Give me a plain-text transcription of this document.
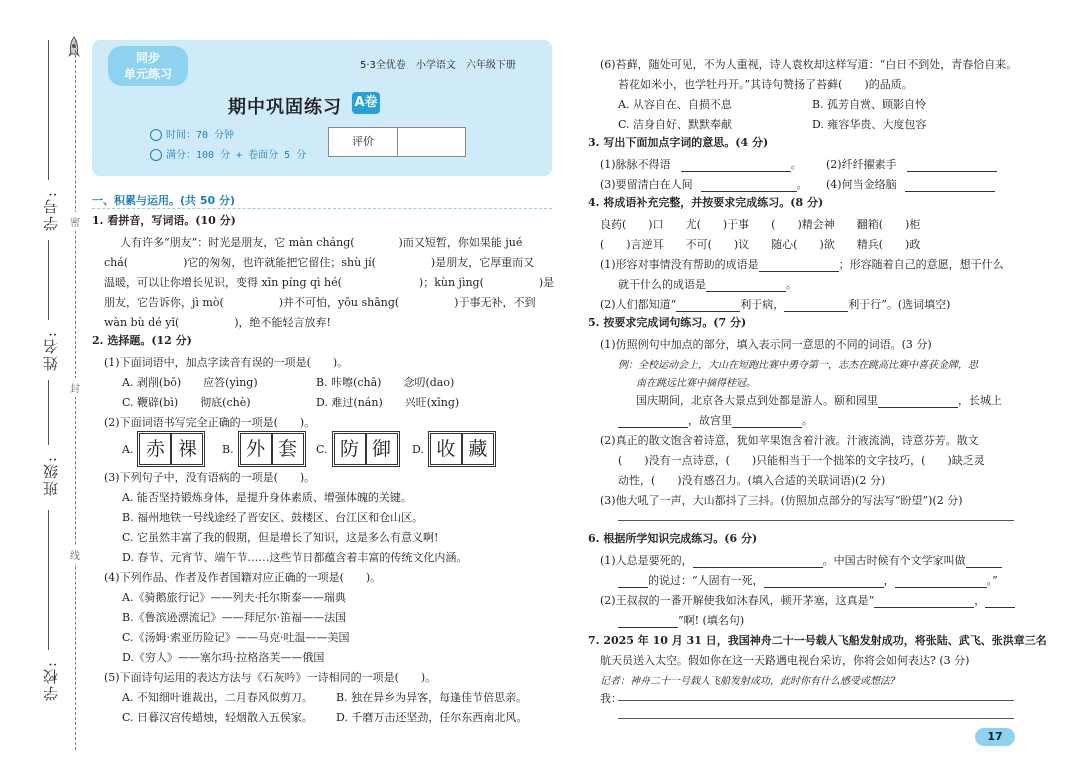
学号:
姓名:
班级:
学校:
密
封
线
同步
单元练习
5·3全优卷　小学语文　六年级下册
期中巩固练习 A卷
时间：70 分钟
满分：100 分 + 卷面分 5 分
评价
一、积累与运用。(共 50 分)
1. 看拼音，写词语。(10 分)
人有许多“朋友”：时光是朋友，它 màn chánɡ(　　　　)而又短暂，你如果能 jué
chá(　　　　　)它的匆匆，也许就能把它留住；shù jí(　　　　　)是朋友，它厚重而又
温暖，可以让你增长见识，变得 xīn pínɡ qì hé(　　　　　　　)；kùn jìnɡ(　　　　　)是
朋友，它告诉你，jì mò(　　　　　)并不可怕，yōu shānɡ(　　　　　)于事无补，不到
wàn bù dé yǐ(　　　　　)，绝不能轻言放弃!
2. 选择题。(12 分)
(1)下面词语中，加点字读音有误的一项是(　　)。
A. 剥削(bō)　　应答(yìnɡ)	B. 咔嚓(chā)　　念叨(dao)
C. 鞭辟(bì)　　彻底(chè)	D. 难过(nán)　　兴旺(xīnɡ)
(2)下面词语书写完全正确的一项是(　　)。
A. 赤 祼	B. 外 套	C. 防 御	D. 收 藏
(3)下列句子中，没有语病的一项是(　　)。
A. 能否坚持锻炼身体，是提升身体素质、增强体魄的关键。
B. 福州地铁一号线途经了晋安区、鼓楼区、台江区和仓山区。
C. 它虽然丰富了我的假期，但是增长了知识，这是多么有意义啊!
D. 春节、元宵节、端午节……这些节日都蕴含着丰富的传统文化内涵。
(4)下列作品、作者及作者国籍对应正确的一项是(　　)。
A.《骑鹅旅行记》——列夫·托尔斯泰——瑞典
B.《鲁滨逊漂流记》——拜尼尔·笛福——法国
C.《汤姆·索亚历险记》——马克·吐温——美国
D.《穷人》——塞尔玛·拉格洛芙——俄国
(5)下面诗句运用的表达方法与《石灰吟》一诗相同的一项是(　　)。
A. 不知细叶谁裁出，二月春风似剪刀。 B. 独在异乡为异客，每逢佳节倍思亲。
C. 日暮汉宫传蜡烛，轻烟散入五侯家。 D. 千磨万击还坚劲，任尔东西南北风。
(6)苔藓，随处可见，不为人重视，诗人袁枚却这样写道：“白日不到处，青春恰自来。
苔花如米小，也学牡丹开。”其诗句赞扬了苔藓(　　)的品质。
A. 从容自在、自损不息	B. 孤芳自赏、顾影自怜
C. 洁身自好、默默奉献	D. 雍容华贵、大度包容
3. 写出下面加点字词的意思。(4 分)
(1)脉脉不得语	。 (2)纤纤擢素手
(3)要留清白在人间	。 (4)何当金络脑
4. 将成语补充完整，并按要求完成练习。(8 分)
良药(　　)口　　尤(　　)于事　　(　　)精会神　　翻箱(　　)柜
(　　)言逆耳　　不可(　　)议　　随心(　　)欲　　精兵(　　)政
(1)形容对事情没有帮助的成语是	；形容随着自己的意愿，想干什么
就干什么的成语是	。
(2)人们都知道“	利于病，	利于行”。(选词填空)
5. 按要求完成词句练习。(7 分)
(1)仿照例句中加点的部分，填入表示同一意思的不同的词语。(3 分)
例：全校运动会上，大山在短跑比赛中勇夺第一，志杰在跳高比赛中喜获金牌，思
南在跳远比赛中摘得桂冠。
国庆期间，北京各大景点到处都是游人。颐和园里	，长城上
，故宫里	。
(2)真正的散文饱含着诗意，犹如苹果饱含着汁液。汁液流淌，诗意芬芳。散文
(　　)没有一点诗意，(　　)只能相当于一个拙笨的文字技巧，(　　)缺乏灵
动性，(　　)没有感召力。(填入合适的关联词语)(2 分)
(3)他大吼了一声，大山都抖了三抖。(仿照加点部分的写法写“盼望”)(2 分)
6. 根据所学知识完成练习。(6 分)
(1)人总是要死的，	。中国古时候有个文学家叫做
的说过：“人固有一死，	，	。”
(2)王叔叔的一番开解使我如沐春风，顿开茅塞，这真是“	，
”啊! (填名句)
7. 2025 年 10 月 31 日，我国神舟二十一号载人飞船发射成功，将张陆、武飞、张洪章三名
航天员送入太空。假如你在这一天路遇电视台采访，你将会如何表达? (3 分)
记者：神舟二十一号载人飞船发射成功，此时你有什么感受或想法?
我：
17
